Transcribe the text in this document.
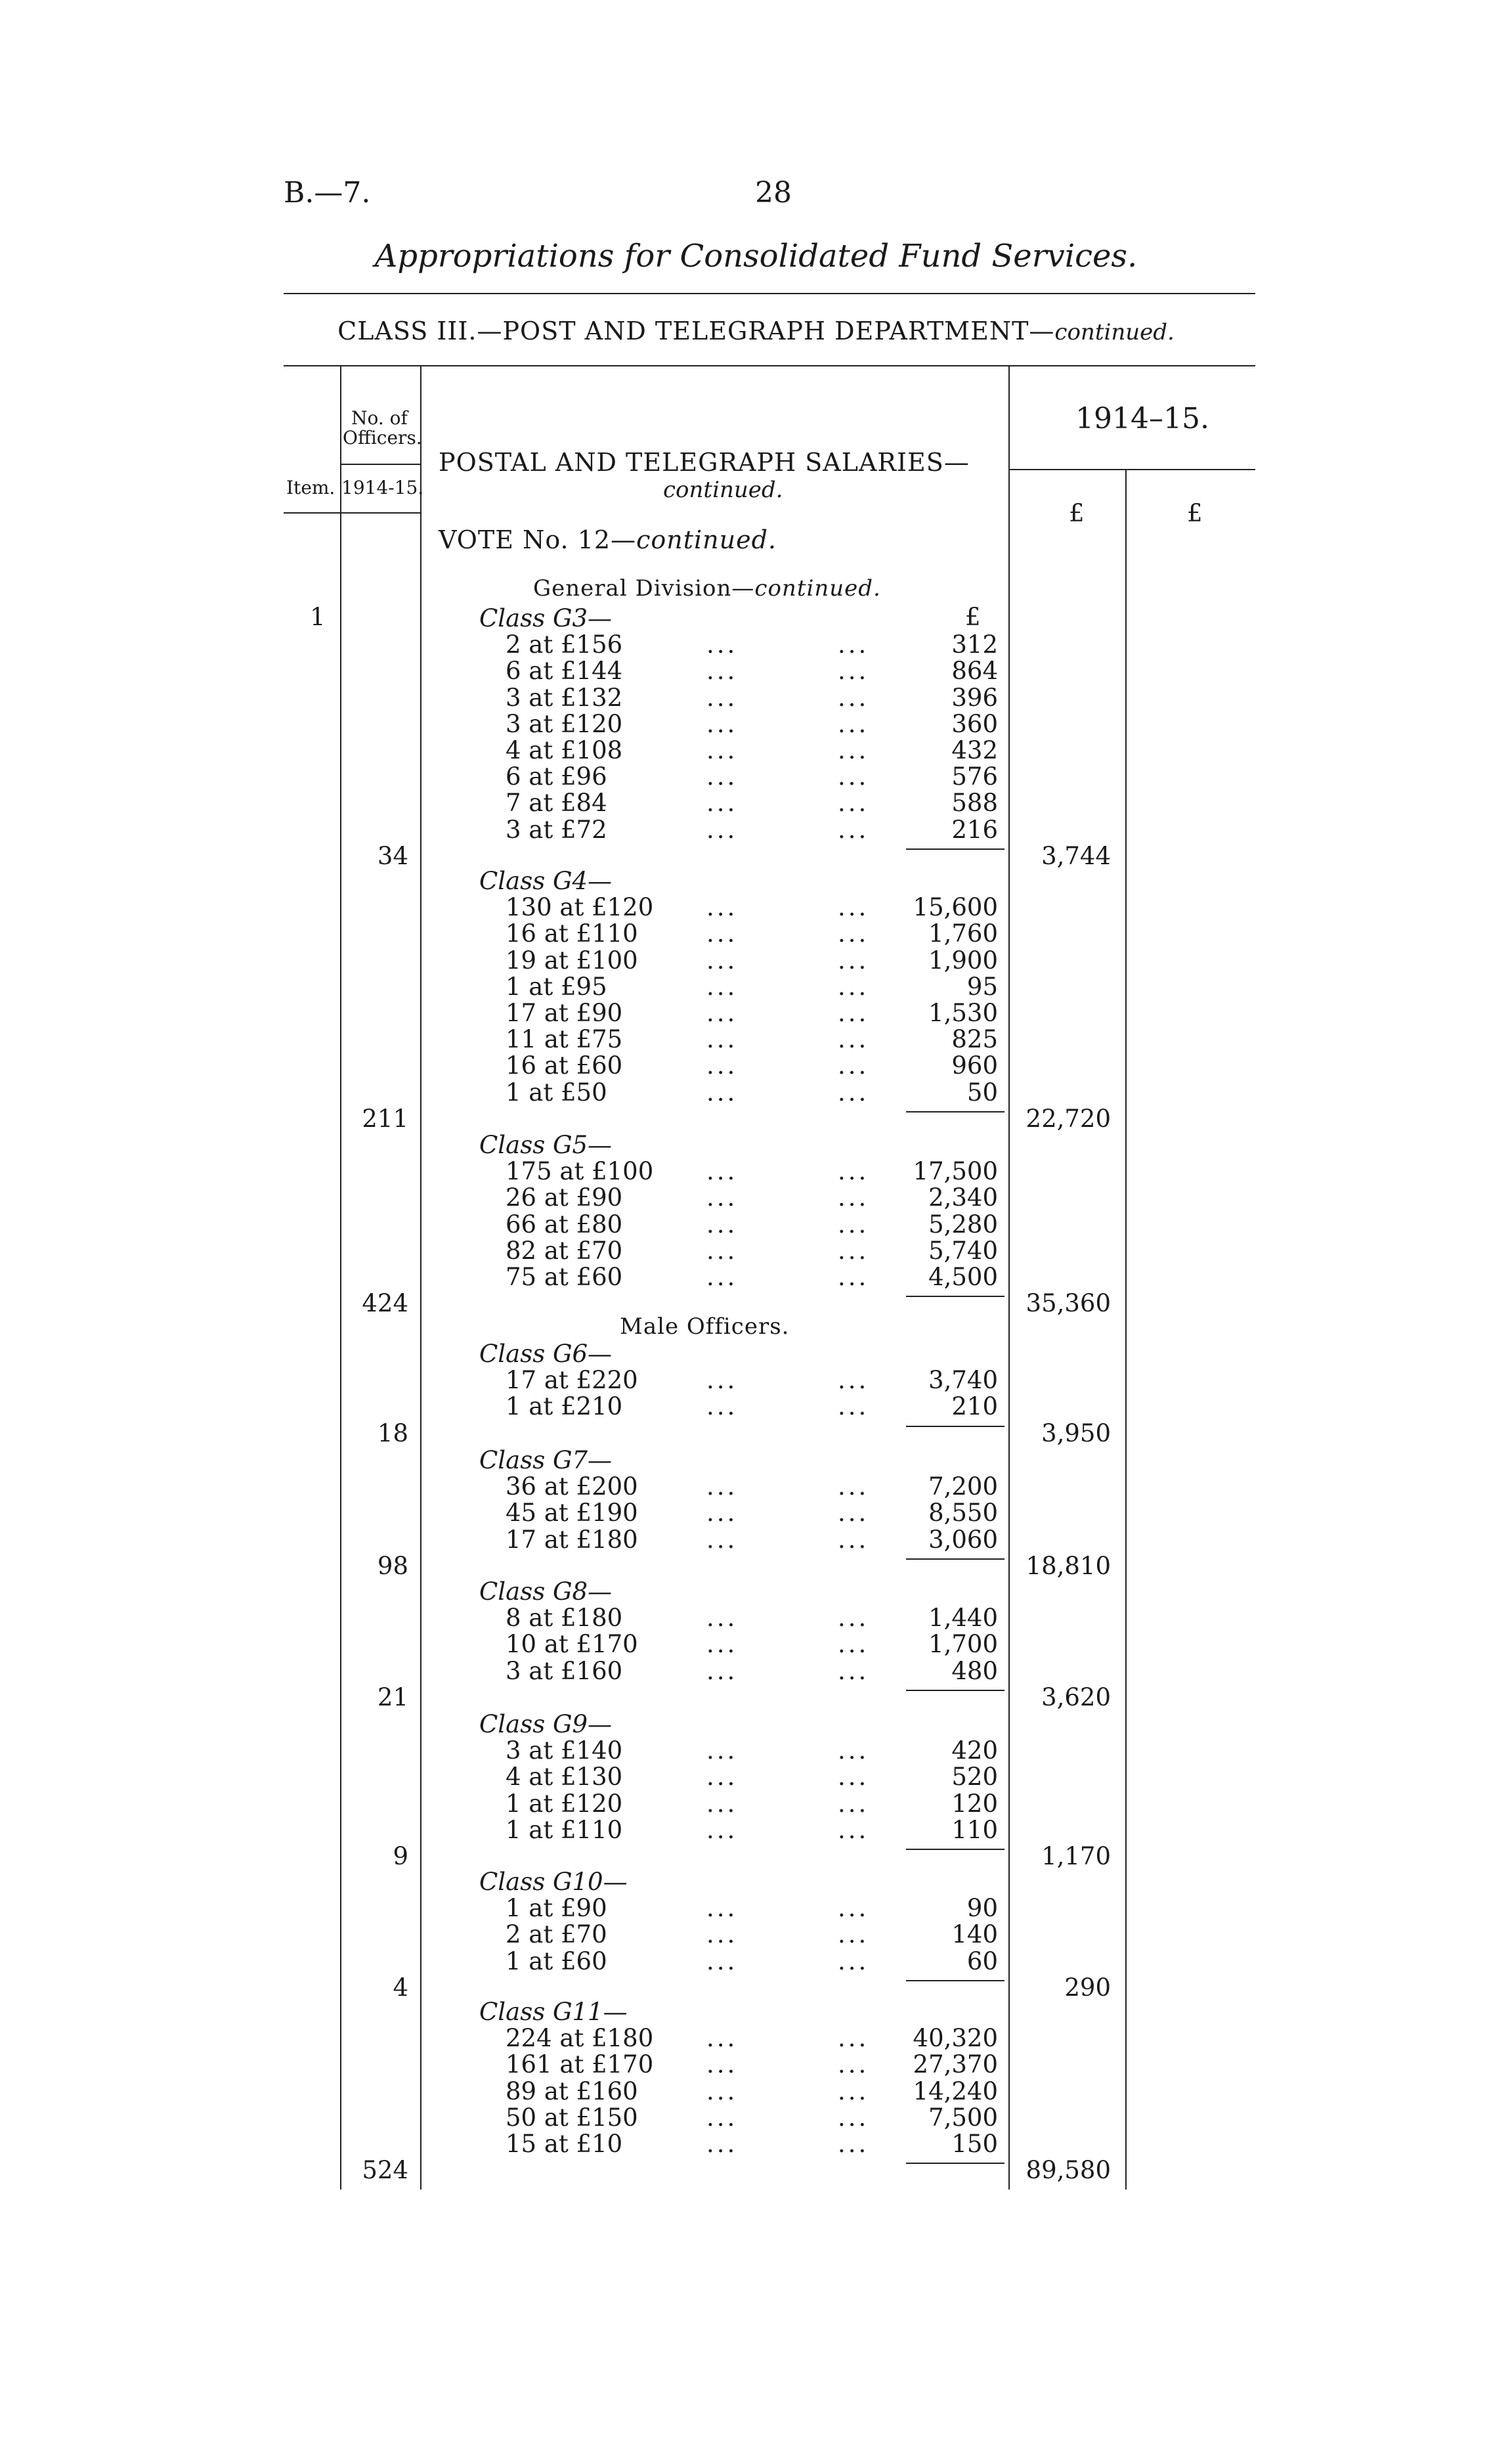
B.—7.	28
Appropriations for Consolidated Fund Services.
CLASS III.—POST AND TELEGRAPH DEPARTMENT—continued.
Item.
No. of
Officers.
1914-15.
1914–15.
£	£
POSTAL AND TELEGRAPH SALARIES—
continued.
VOTE No. 12—continued.
General Division—continued.
1	£
Male Officers.
Class G3—
2 at £156	...	...	312
6 at £144	...	...	864
3 at £132	...	...	396
3 at £120	...	...	360
4 at £108	...	...	432
6 at £96	...	...	576
7 at £84	...	...	588
3 at £72	...	...	216
34	3,744
Class G4—
130 at £120 ...	...	15,600
16 at £110	...	...	1,760
19 at £100	...	...	1,900
1 at £95	...	...	95
17 at £90	...	...	1,530
11 at £75	...	...	825
16 at £60	...	...	960
1 at £50	...	...	50
211	22,720
Class G5—
175 at £100 ...	...	17,500
26 at £90	...	...	2,340
66 at £80	...	...	5,280
82 at £70	...	...	5,740
75 at £60	...	...	4,500
424	35,360
Class G6—
17 at £220	...	...	3,740
1 at £210	...	...	210
18	3,950
Class G7—
36 at £200	...	...	7,200
45 at £190	...	...	8,550
17 at £180	...	...	3,060
98	18,810
Class G8—
8 at £180	...	...	1,440
10 at £170	...	...	1,700
3 at £160	...	...	480
21	3,620
Class G9—
3 at £140	...	...	420
4 at £130	...	...	520
1 at £120	...	...	120
1 at £110	...	...	110
9	1,170
Class G10—
1 at £90	...	...	90
2 at £70	...	...	140
1 at £60	...	...	60
4	290
Class G11—
224 at £180 ...	...	40,320
161 at £170 ...	...	27,370
89 at £160	...	...	14,240
50 at £150	...	...	7,500
15 at £10	...	...	150
524	89,580
